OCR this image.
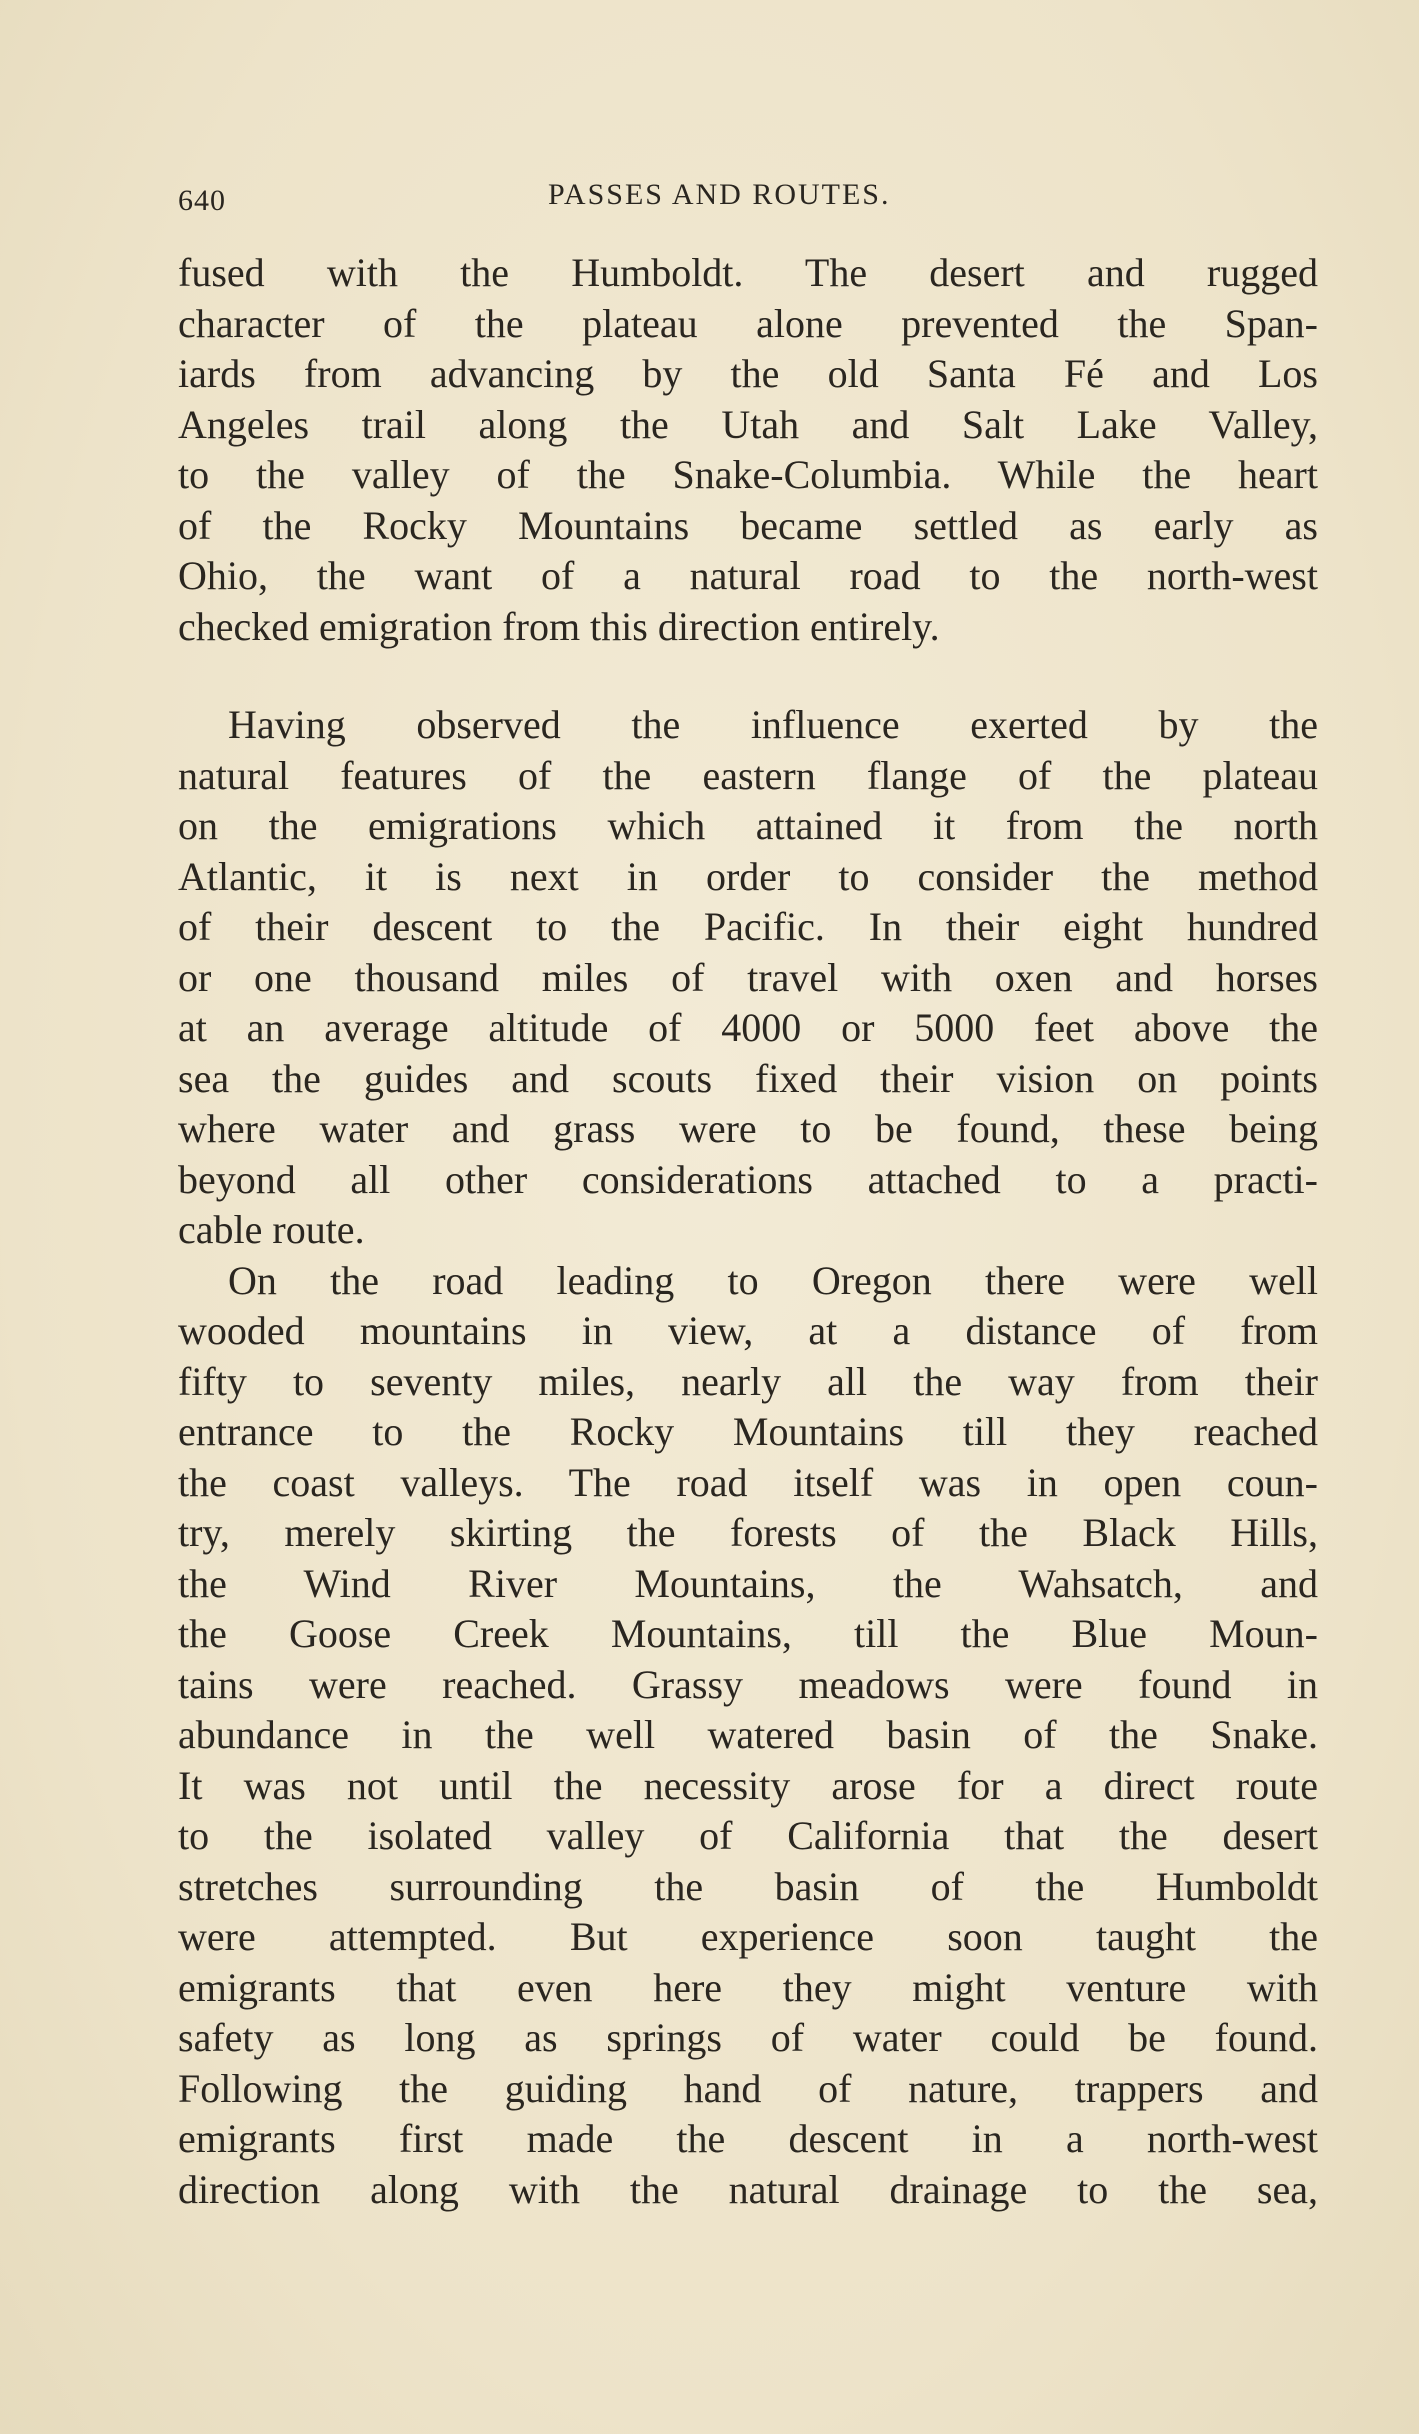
640	PASSES AND ROUTES.
fused with the Humboldt. The desert and rugged
character of the plateau alone prevented the Span-
iards from advancing by the old Santa Fé and Los
Angeles trail along the Utah and Salt Lake Valley,
to the valley of the Snake-Columbia. While the heart
of the Rocky Mountains became settled as early as
Ohio, the want of a natural road to the north-west
checked emigration from this direction entirely.
Having observed the influence exerted by the
natural features of the eastern flange of the plateau
on the emigrations which attained it from the north
Atlantic, it is next in order to consider the method
of their descent to the Pacific. In their eight hundred
or one thousand miles of travel with oxen and horses
at an average altitude of 4000 or 5000 feet above the
sea the guides and scouts fixed their vision on points
where water and grass were to be found, these being
beyond all other considerations attached to a practi-
cable route.
On the road leading to Oregon there were well
wooded mountains in view, at a distance of from
fifty to seventy miles, nearly all the way from their
entrance to the Rocky Mountains till they reached
the coast valleys. The road itself was in open coun-
try, merely skirting the forests of the Black Hills,
the Wind River Mountains, the Wahsatch, and
the Goose Creek Mountains, till the Blue Moun-
tains were reached. Grassy meadows were found in
abundance in the well watered basin of the Snake.
It was not until the necessity arose for a direct route
to the isolated valley of California that the desert
stretches surrounding the basin of the Humboldt
were attempted. But experience soon taught the
emigrants that even here they might venture with
safety as long as springs of water could be found.
Following the guiding hand of nature, trappers and
emigrants first made the descent in a north-west
direction along with the natural drainage to the sea,
